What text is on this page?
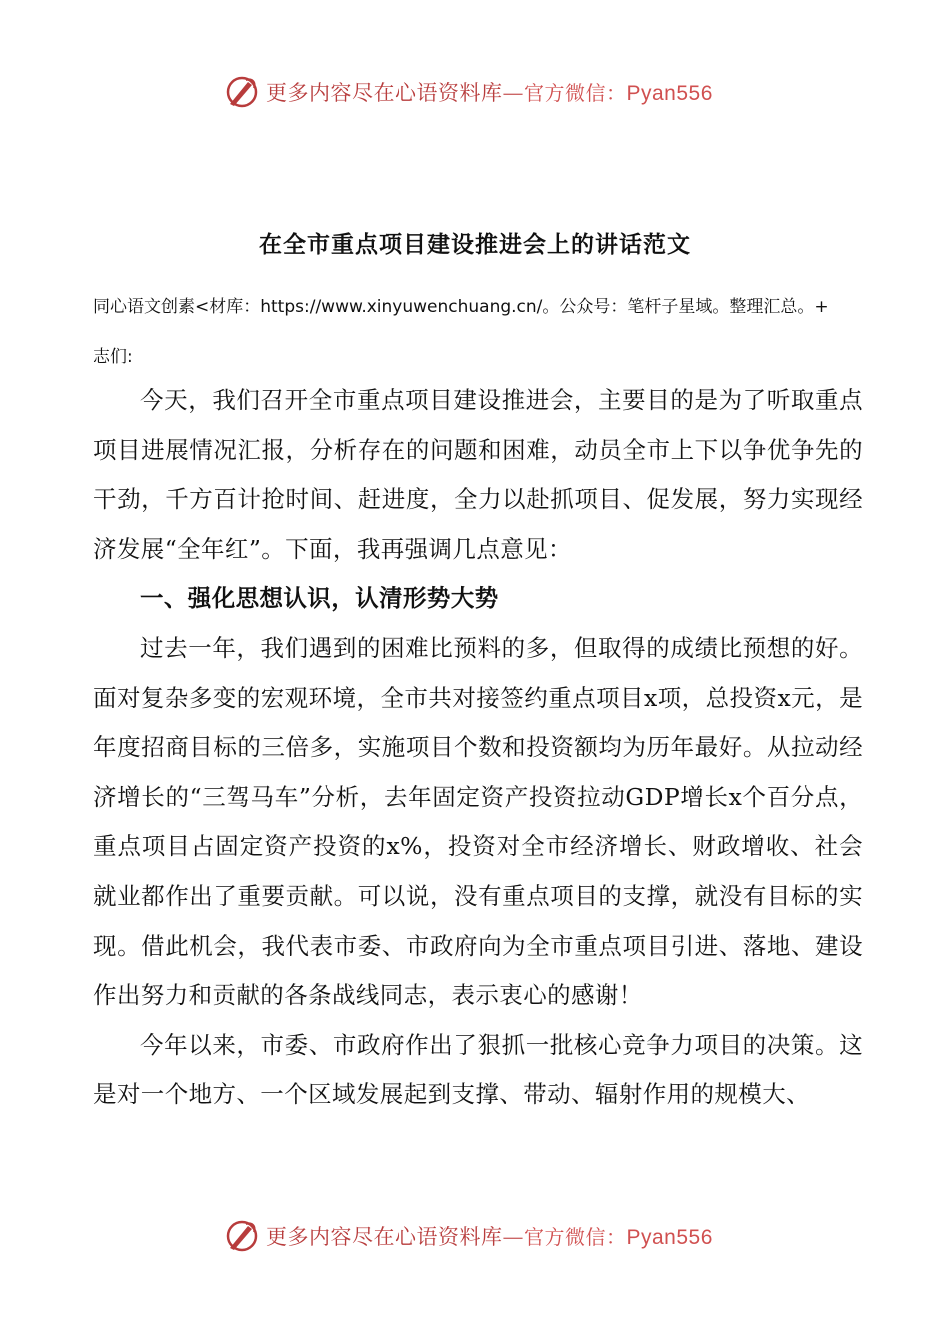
更多内容尽在心语资料库—官方微信：Pyan556
在全市重点项目建设推进会上的讲话范文
同心语文创素<材库：https://www.xinyuwenchuang.cn/。公众号：笔杆子星域。整理汇总。+
志们:

今天，我们召开全市重点项目建设推进会，主要目的是为了听取重点项目进展情况汇报，分析存在的问题和困难，动员全市上下以争优争先的干劲，千方百计抢时间、赶进度，全力以赴抓项目、促发展，努力实现经济发展“全年红”。下面，我再强调几点意见：

一、强化思想认识，认清形势大势

过去一年，我们遇到的困难比预料的多，但取得的成绩比预想的好。面对复杂多变的宏观环境，全市共对接签约重点项目x项，总投资x元，是年度招商目标的三倍多，实施项目个数和投资额均为历年最好。从拉动经济增长的“三驾马车”分析，去年固定资产投资拉动GDP增长x个百分点，重点项目占固定资产投资的x%，投资对全市经济增长、财政增收、社会就业都作出了重要贡献。可以说，没有重点项目的支撑，就没有目标的实现。借此机会，我代表市委、市政府向为全市重点项目引进、落地、建设作出努力和贡献的各条战线同志，表示衷心的感谢！

今年以来，市委、市政府作出了狠抓一批核心竞争力项目的决策。这是对一个地方、一个区域发展起到支撑、带动、辐射作用的规模大、

更多内容尽在心语资料库—官方微信：Pyan556
